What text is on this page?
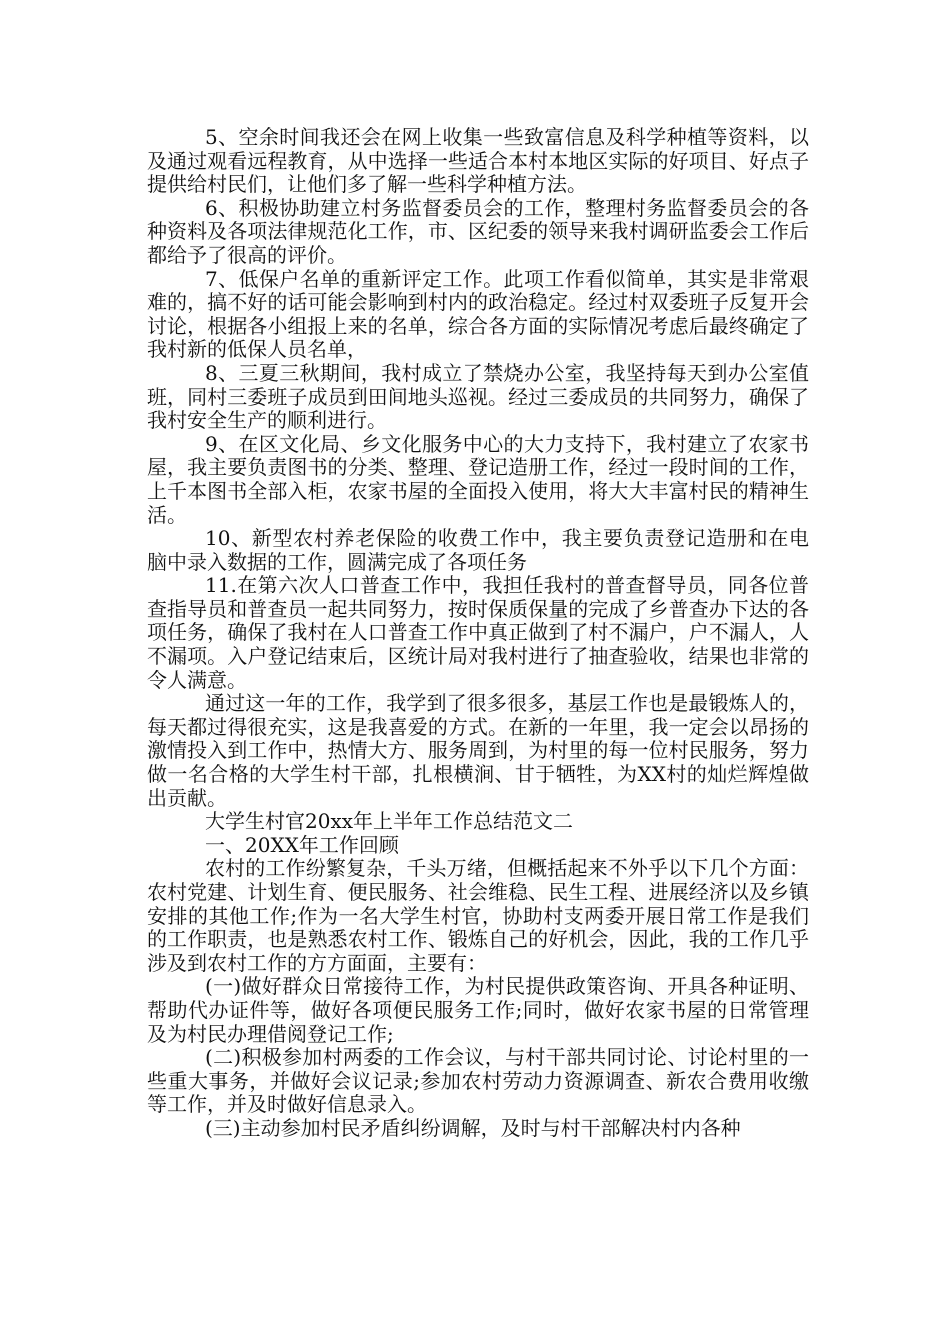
5、空余时间我还会在网上收集一些致富信息及科学种植等资料，以及通过观看远程教育，从中选择一些适合本村本地区实际的好项目、好点子提供给村民们，让他们多了解一些科学种植方法。

6、积极协助建立村务监督委员会的工作，整理村务监督委员会的各种资料及各项法律规范化工作，市、区纪委的领导来我村调研监委会工作后都给予了很高的评价。

7、低保户名单的重新评定工作。此项工作看似简单，其实是非常艰难的，搞不好的话可能会影响到村内的政治稳定。经过村双委班子反复开会讨论，根据各小组报上来的名单，综合各方面的实际情况考虑后最终确定了我村新的低保人员名单，

8、三夏三秋期间，我村成立了禁烧办公室，我坚持每天到办公室值班，同村三委班子成员到田间地头巡视。经过三委成员的共同努力，确保了我村安全生产的顺利进行。

9、在区文化局、乡文化服务中心的大力支持下，我村建立了农家书屋，我主要负责图书的分类、整理、登记造册工作，经过一段时间的工作，上千本图书全部入柜，农家书屋的全面投入使用，将大大丰富村民的精神生活。

10、新型农村养老保险的收费工作中，我主要负责登记造册和在电脑中录入数据的工作，圆满完成了各项任务

11.在第六次人口普查工作中，我担任我村的普查督导员，同各位普查指导员和普查员一起共同努力，按时保质保量的完成了乡普查办下达的各项任务，确保了我村在人口普查工作中真正做到了村不漏户，户不漏人，人不漏项。入户登记结束后，区统计局对我村进行了抽查验收，结果也非常的令人满意。

通过这一年的工作，我学到了很多很多，基层工作也是最锻炼人的，每天都过得很充实，这是我喜爱的方式。在新的一年里，我一定会以昂扬的激情投入到工作中，热情大方、服务周到，为村里的每一位村民服务，努力做一名合格的大学生村干部，扎根横涧、甘于牺牲，为XX村的灿烂辉煌做出贡献。

大学生村官20xx年上半年工作总结范文二

一、20XX年工作回顾

农村的工作纷繁复杂，千头万绪，但概括起来不外乎以下几个方面：农村党建、计划生育、便民服务、社会维稳、民生工程、进展经济以及乡镇安排的其他工作;作为一名大学生村官，协助村支两委开展日常工作是我们的工作职责，也是熟悉农村工作、锻炼自己的好机会，因此，我的工作几乎涉及到农村工作的方方面面，主要有：

(一)做好群众日常接待工作，为村民提供政策咨询、开具各种证明、帮助代办证件等，做好各项便民服务工作;同时，做好农家书屋的日常管理及为村民办理借阅登记工作;

(二)积极参加村两委的工作会议，与村干部共同讨论、讨论村里的一些重大事务，并做好会议记录;参加农村劳动力资源调查、新农合费用收缴等工作，并及时做好信息录入。

(三)主动参加村民矛盾纠纷调解，及时与村干部解决村内各种
